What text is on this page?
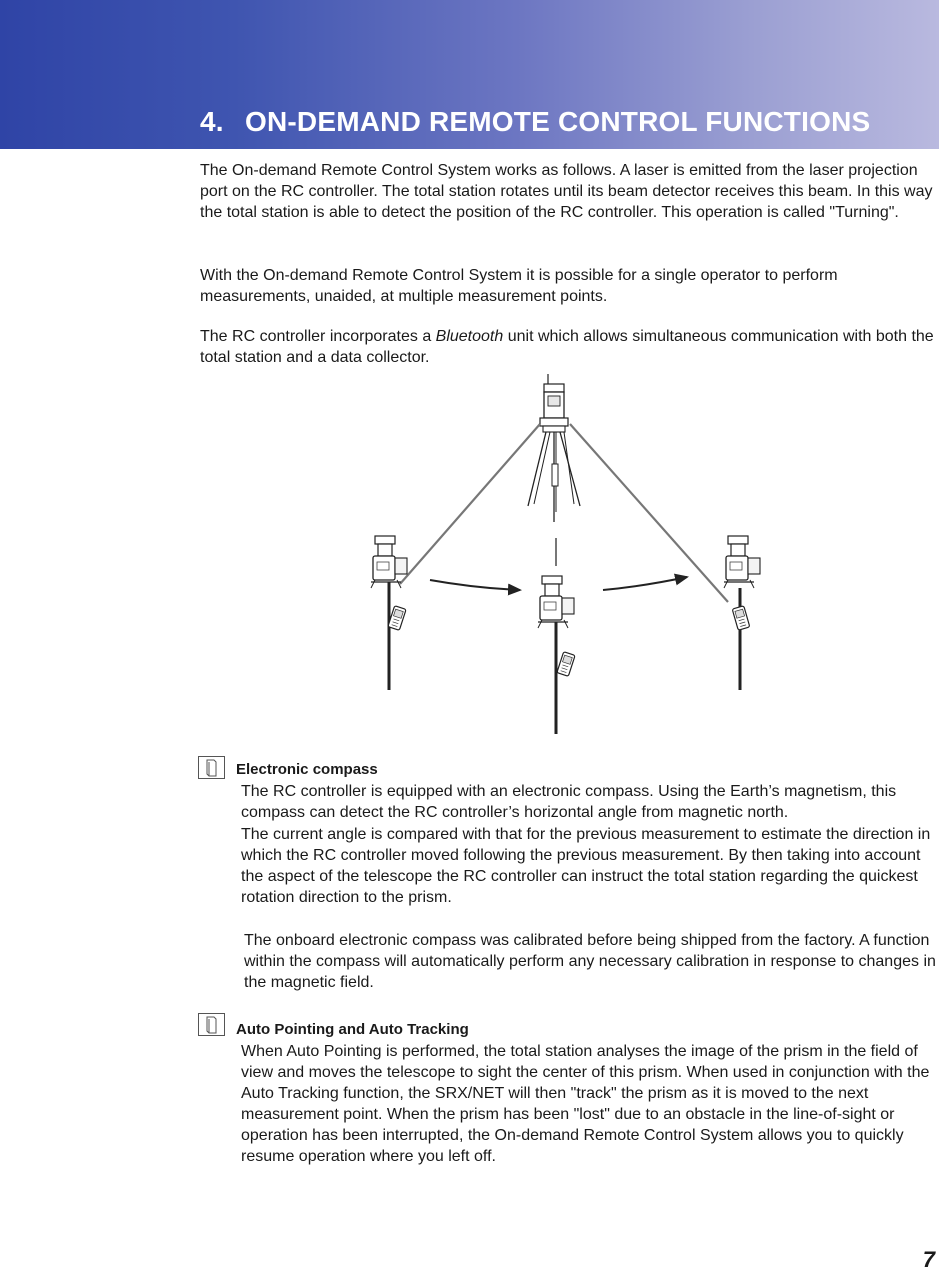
4. ON-DEMAND REMOTE CONTROL FUNCTIONS

The On-demand Remote Control System works as follows. A laser is emitted from the laser projection port on the RC controller. The total station rotates until its beam detector receives this beam. In this way the total station is able to detect the position of the RC controller. This operation is called "Turning".

With the On-demand Remote Control System it is possible for a single operator to perform measurements, unaided, at multiple measurement points.

The RC controller incorporates a Bluetooth unit which allows simultaneous communication with both the total station and a data collector.

Electronic compass

The RC controller is equipped with an electronic compass. Using the Earth’s magnetism, this compass can detect the RC controller’s horizontal angle from magnetic north.

The current angle is compared with that for the previous measurement to estimate the direction in which the RC controller moved following the previous measurement. By then taking into account the aspect of the telescope the RC controller can instruct the total station regarding the quickest rotation direction to the prism.

The onboard electronic compass was calibrated before being shipped from the factory. A function within the compass will automatically perform any necessary calibration in response to changes in the magnetic field.

Auto Pointing and Auto Tracking

When Auto Pointing is performed, the total station analyses the image of the prism in the field of view and moves the telescope to sight the center of this prism. When used in conjunction with the Auto Tracking function, the SRX/NET will then "track" the prism as it is moved to the next measurement point. When the prism has been "lost" due to an obstacle in the line-of-sight or operation has been interrupted, the On-demand Remote Control System allows you to quickly resume operation where you left off.

7
